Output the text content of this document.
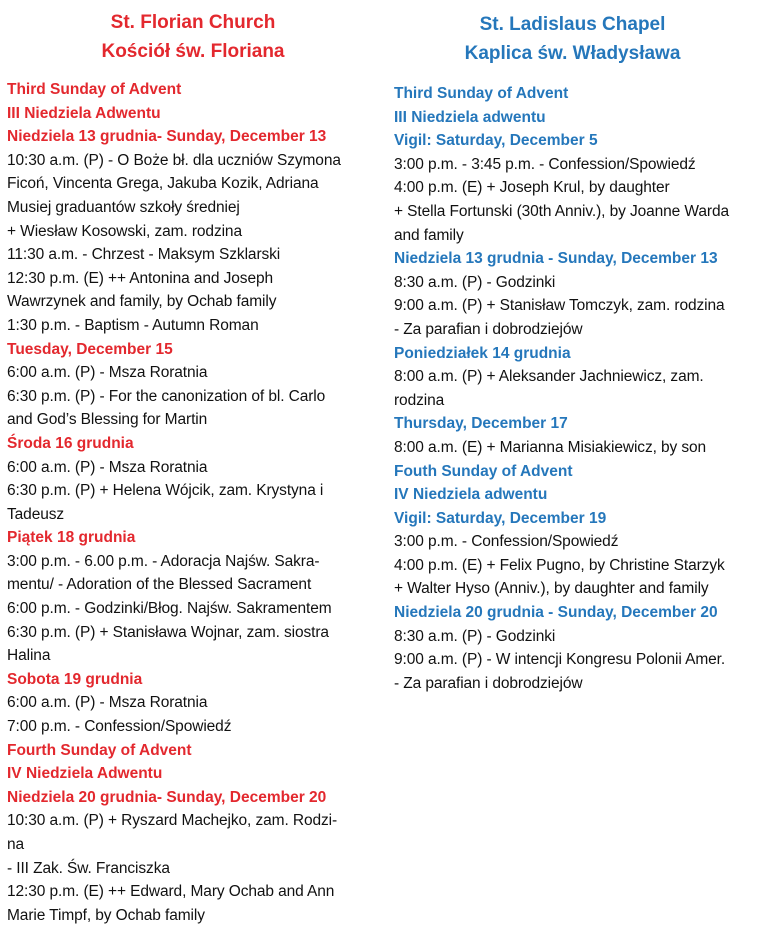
St. Florian Church

Kościół św. Floriana

Third Sunday of Advent
III Niedziela Adwentu
Niedziela 13 grudnia- Sunday, December 13
10:30 a.m. (P) - O Boże bł. dla uczniów Szymona
Ficoń, Vincenta Grega, Jakuba Kozik, Adriana
Musiej graduantów szkoły średniej
+ Wiesław Kosowski, zam. rodzina
11:30 a.m. - Chrzest - Maksym Szklarski
12:30 p.m. (E) ++ Antonina and Joseph
Wawrzynek and family, by Ochab family
1:30 p.m. - Baptism - Autumn Roman
Tuesday, December 15
6:00 a.m. (P) - Msza Roratnia
6:30 p.m. (P) - For the canonization of bl. Carlo
and God’s Blessing for Martin
Środa 16 grudnia
6:00 a.m. (P) - Msza Roratnia
6:30 p.m. (P) + Helena Wójcik, zam. Krystyna i
Tadeusz
Piątek 18 grudnia
3:00 p.m. - 6.00 p.m. - Adoracja Najśw. Sakra-
mentu/ - Adoration of the Blessed Sacrament
6:00 p.m. - Godzinki/Błog. Najśw. Sakramentem
6:30 p.m. (P) + Stanisława Wojnar, zam. siostra
Halina
Sobota 19 grudnia
6:00 a.m. (P) - Msza Roratnia
7:00 p.m. - Confession/Spowiedź
Fourth Sunday of Advent
IV Niedziela Adwentu
Niedziela 20 grudnia- Sunday, December 20
10:30 a.m. (P) + Ryszard Machejko, zam. Rodzi-
na
- III Zak. Św. Franciszka
12:30 p.m. (E) ++ Edward, Mary Ochab and Ann
Marie Timpf, by Ochab family

St. Ladislaus Chapel

Kaplica św. Władysława

Third Sunday of Advent
III Niedziela adwentu
Vigil: Saturday, December 5
3:00 p.m. - 3:45 p.m. - Confession/Spowiedź
4:00 p.m. (E) + Joseph Krul, by daughter
+ Stella Fortunski (30th Anniv.), by Joanne Warda
and family
Niedziela 13 grudnia - Sunday, December 13
8:30 a.m. (P) - Godzinki
9:00 a.m. (P) + Stanisław Tomczyk, zam. rodzina
- Za parafian i dobrodziejów
Poniedziałek 14 grudnia
8:00 a.m. (P) + Aleksander Jachniewicz, zam.
rodzina
Thursday, December 17
8:00 a.m. (E) + Marianna Misiakiewicz, by son
Fouth Sunday of Advent
IV Niedziela adwentu
Vigil: Saturday, December 19
3:00 p.m. - Confession/Spowiedź
4:00 p.m. (E) + Felix Pugno, by Christine Starzyk
+ Walter Hyso (Anniv.), by daughter and family
Niedziela 20 grudnia - Sunday, December 20
8:30 a.m. (P) - Godzinki
9:00 a.m. (P) - W intencji Kongresu Polonii Amer.
- Za parafian i dobrodziejów
